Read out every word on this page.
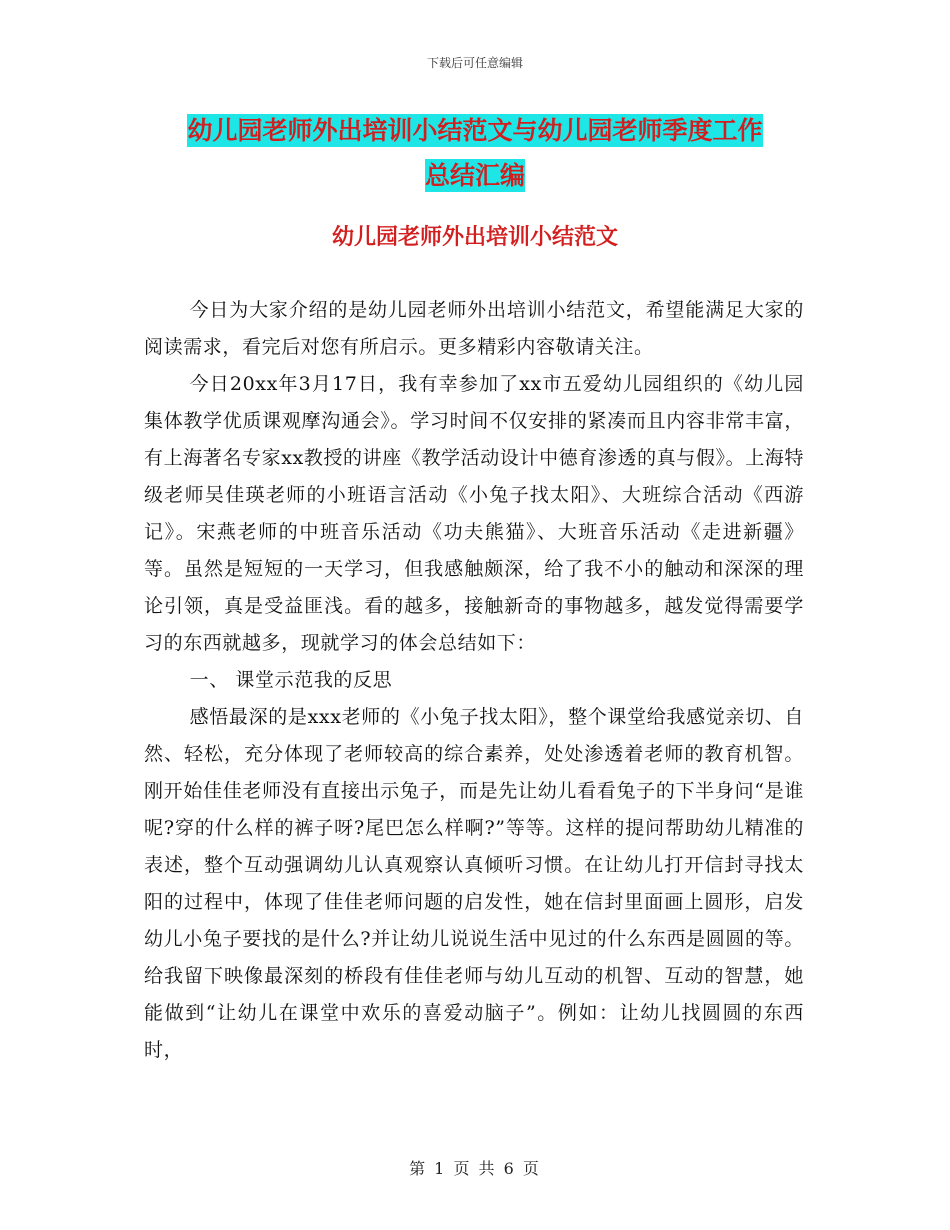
下载后可任意编辑
幼儿园老师外出培训小结范文与幼儿园老师季度工作
总结汇编
幼儿园老师外出培训小结范文

今日为大家介绍的是幼儿园老师外出培训小结范文，希望能满足大家的阅读需求，看完后对您有所启示。更多精彩内容敬请关注。

今日20xx年3月17日，我有幸参加了xx市五爱幼儿园组织的《幼儿园集体教学优质课观摩沟通会》。学习时间不仅安排的紧凑而且内容非常丰富，有上海著名专家xx教授的讲座《教学活动设计中德育渗透的真与假》。上海特级老师吴佳瑛老师的小班语言活动《小兔子找太阳》、大班综合活动《西游记》。宋燕老师的中班音乐活动《功夫熊猫》、大班音乐活动《走进新疆》等。虽然是短短的一天学习，但我感触颇深，给了我不小的触动和深深的理论引领，真是受益匪浅。看的越多，接触新奇的事物越多，越发觉得需要学习的东西就越多，现就学习的体会总结如下：

一、 课堂示范我的反思

感悟最深的是xxx老师的《小兔子找太阳》，整个课堂给我感觉亲切、自然、轻松，充分体现了老师较高的综合素养，处处渗透着老师的教育机智。刚开始佳佳老师没有直接出示兔子，而是先让幼儿看看兔子的下半身问“是谁呢?穿的什么样的裤子呀?尾巴怎么样啊?”等等。这样的提问帮助幼儿精准的表述，整个互动强调幼儿认真观察认真倾听习惯。在让幼儿打开信封寻找太阳的过程中，体现了佳佳老师问题的启发性，她在信封里面画上圆形，启发幼儿小兔子要找的是什么?并让幼儿说说生活中见过的什么东西是圆圆的等。给我留下映像最深刻的桥段有佳佳老师与幼儿互动的机智、互动的智慧，她能做到“让幼儿在课堂中欢乐的喜爱动脑子”。例如：让幼儿找圆圆的东西时，

第 1 页 共 6 页
